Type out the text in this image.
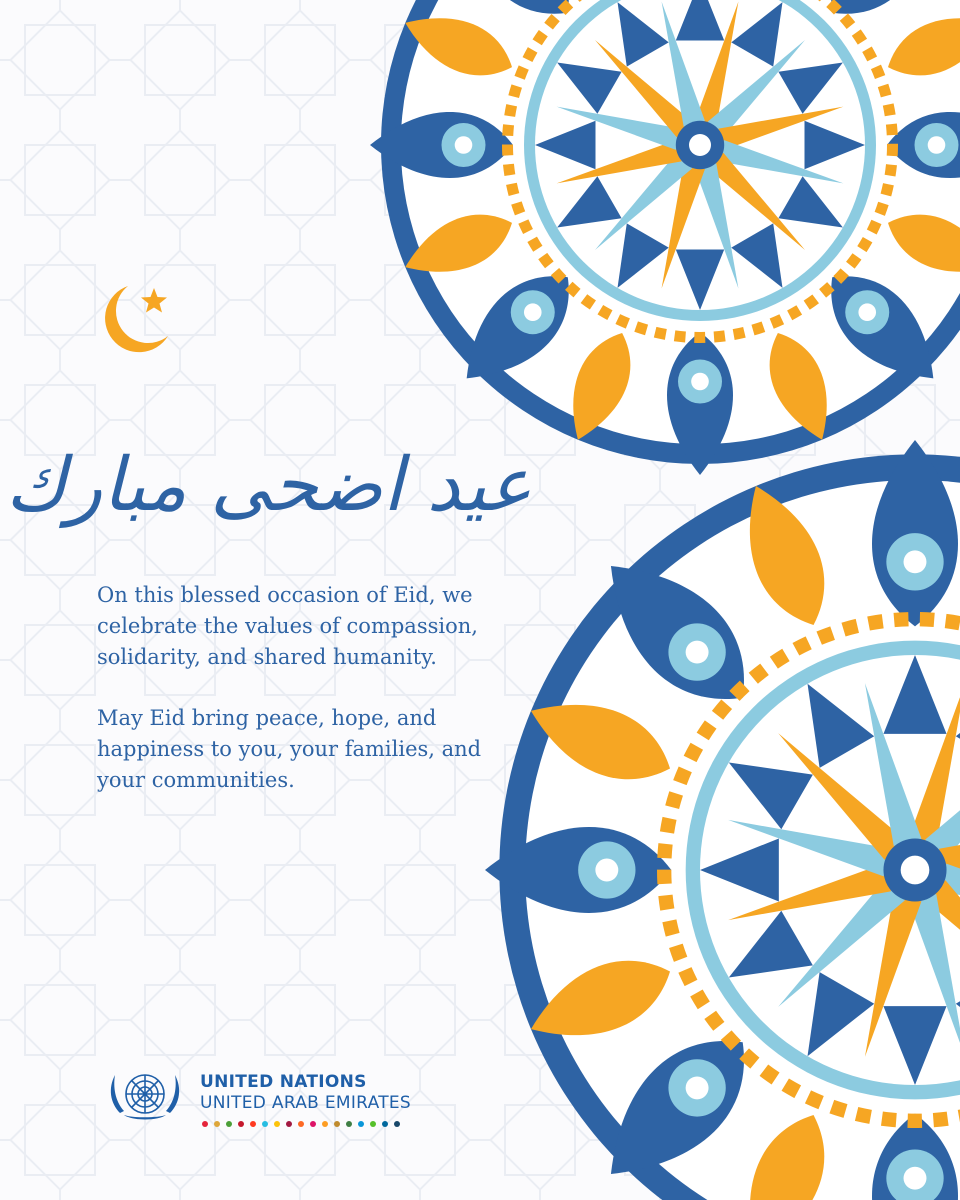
عيد اضحى مبارك

On this blessed occasion of Eid, we celebrate the values of compassion, solidarity, and shared humanity.

May Eid bring peace, hope, and happiness to you, your families, and your communities.

UNITED NATIONS
UNITED ARAB EMIRATES
